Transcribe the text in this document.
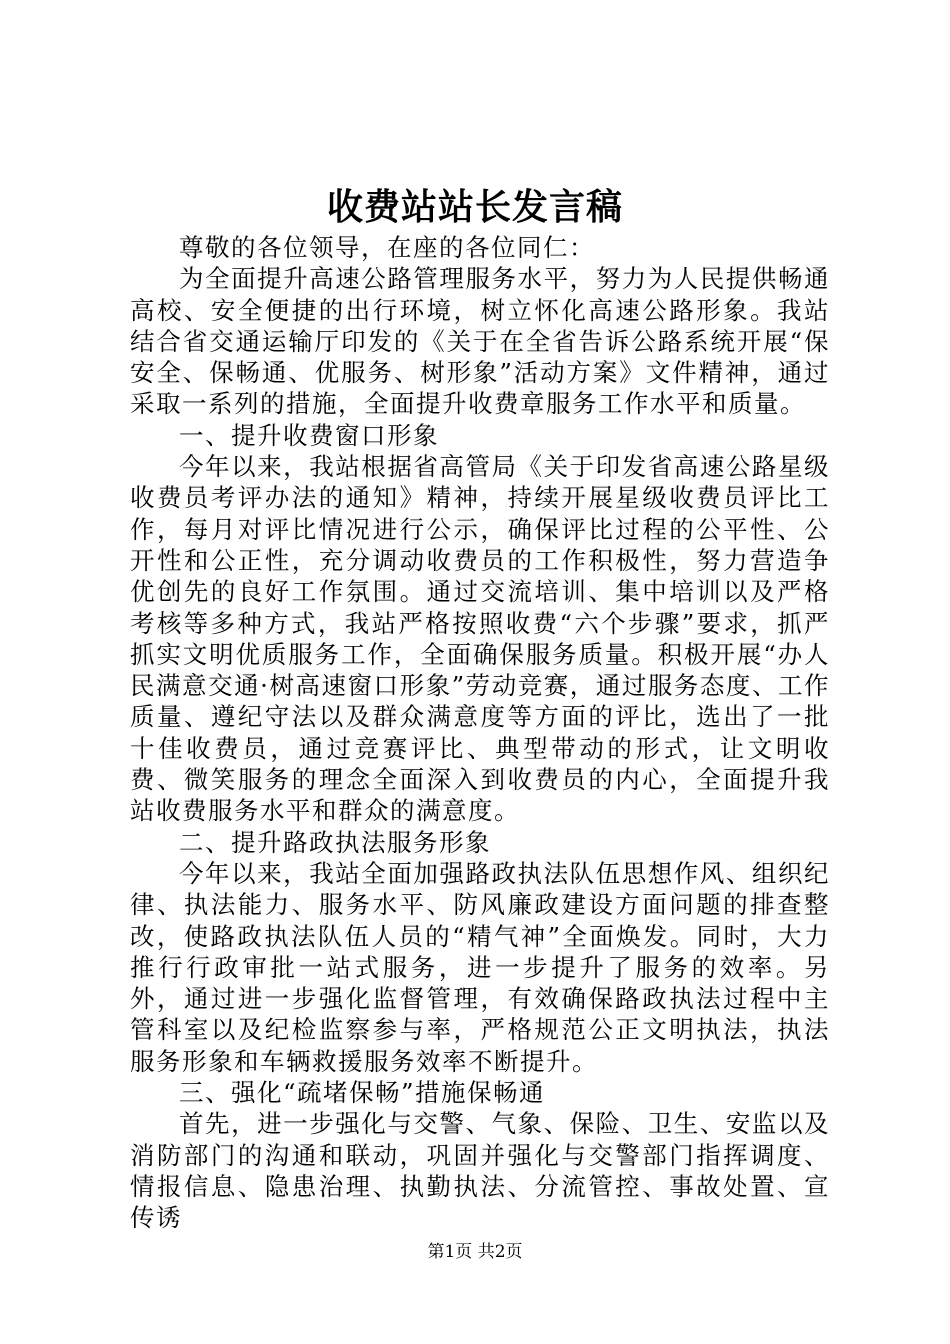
收费站站长发言稿

尊敬的各位领导，在座的各位同仁：

为全面提升高速公路管理服务水平，努力为人民提供畅通高校、安全便捷的出行环境，树立怀化高速公路形象。我站结合省交通运输厅印发的《关于在全省告诉公路系统开展“保安全、保畅通、优服务、树形象”活动方案》文件精神，通过采取一系列的措施，全面提升收费章服务工作水平和质量。

一、提升收费窗口形象

今年以来，我站根据省高管局《关于印发省高速公路星级收费员考评办法的通知》精神，持续开展星级收费员评比工作，每月对评比情况进行公示，确保评比过程的公平性、公开性和公正性，充分调动收费员的工作积极性，努力营造争优创先的良好工作氛围。通过交流培训、集中培训以及严格考核等多种方式，我站严格按照收费“六个步骤”要求，抓严抓实文明优质服务工作，全面确保服务质量。积极开展“办人民满意交通·树高速窗口形象”劳动竞赛，通过服务态度、工作质量、遵纪守法以及群众满意度等方面的评比，选出了一批十佳收费员，通过竞赛评比、典型带动的形式，让文明收费、微笑服务的理念全面深入到收费员的内心，全面提升我站收费服务水平和群众的满意度。

二、提升路政执法服务形象

今年以来，我站全面加强路政执法队伍思想作风、组织纪律、执法能力、服务水平、防风廉政建设方面问题的排查整改，使路政执法队伍人员的“精气神”全面焕发。同时，大力推行行政审批一站式服务，进一步提升了服务的效率。另外，通过进一步强化监督管理，有效确保路政执法过程中主管科室以及纪检监察参与率，严格规范公正文明执法，执法服务形象和车辆救援服务效率不断提升。

三、强化“疏堵保畅”措施保畅通

首先，进一步强化与交警、气象、保险、卫生、安监以及消防部门的沟通和联动，巩固并强化与交警部门指挥调度、情报信息、隐患治理、执勤执法、分流管控、事故处置、宣传诱

第1页 共2页
